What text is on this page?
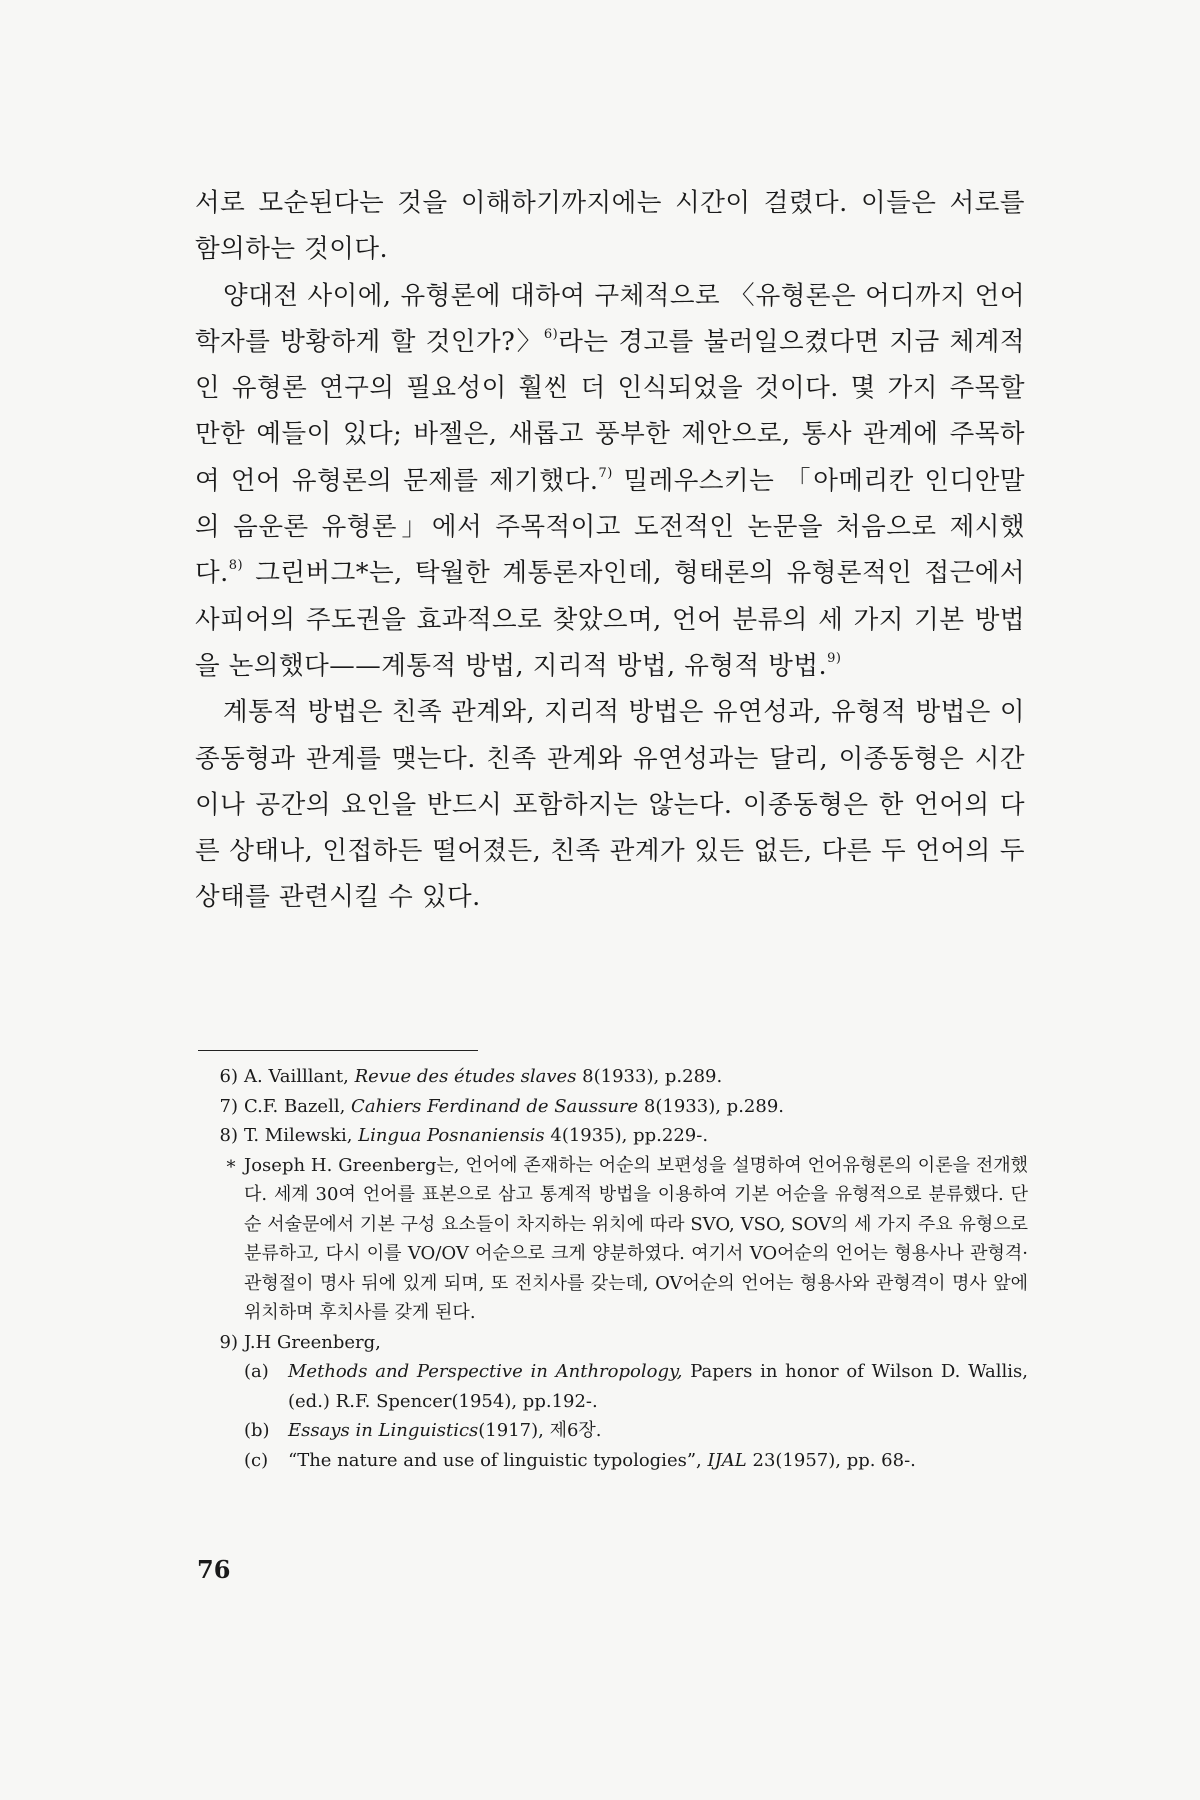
서로 모순된다는 것을 이해하기까지에는 시간이 걸렸다. 이들은 서로를 함의하는 것이다.

양대전 사이에, 유형론에 대하여 구체적으로 〈유형론은 어디까지 언어학자를 방황하게 할 것인가?〉$^{6)}$라는 경고를 불러일으켰다면 지금 체계적인 유형론 연구의 필요성이 훨씬 더 인식되었을 것이다. 몇 가지 주목할 만한 예들이 있다; 바젤은, 새롭고 풍부한 제안으로, 통사 관계에 주목하여 언어 유형론의 문제를 제기했다.$^{7)}$ 밀레우스키는 「아메리칸 인디안말의 음운론 유형론」에서 주목적이고 도전적인 논문을 처음으로 제시했다.$^{8)}$ 그린버그*는, 탁월한 계통론자인데, 형태론의 유형론적인 접근에서 사피어의 주도권을 효과적으로 찾았으며, 언어 분류의 세 가지 기본 방법을 논의했다——계통적 방법, 지리적 방법, 유형적 방법.$^{9)}$

계통적 방법은 친족 관계와, 지리적 방법은 유연성과, 유형적 방법은 이종동형과 관계를 맺는다. 친족 관계와 유연성과는 달리, 이종동형은 시간이나 공간의 요인을 반드시 포함하지는 않는다. 이종동형은 한 언어의 다른 상태나, 인접하든 떨어졌든, 친족 관계가 있든 없든, 다른 두 언어의 두 상태를 관련시킬 수 있다.

6) A. Vailllant, Revue des études slaves 8(1933), p.289.
7) C.F. Bazell, Cahiers Ferdinand de Saussure 8(1933), p.289.
8) T. Milewski, Lingua Posnaniensis 4(1935), pp.229-.
* Joseph H. Greenberg는, 언어에 존재하는 어순의 보편성을 설명하여 언어유형론의 이론을 전개했다. 세계 30여 언어를 표본으로 삼고 통계적 방법을 이용하여 기본 어순을 유형적으로 분류했다. 단순 서술문에서 기본 구성 요소들이 차지하는 위치에 따라 SVO, VSO, SOV의 세 가지 주요 유형으로 분류하고, 다시 이를 VO/OV 어순으로 크게 양분하였다. 여기서 VO어순의 언어는 형용사나 관형격·관형절이 명사 뒤에 있게 되며, 또 전치사를 갖는데, OV어순의 언어는 형용사와 관형격이 명사 앞에 위치하며 후치사를 갖게 된다.
9) J.H Greenberg,
(a) Methods and Perspective in Anthropology, Papers in honor of Wilson D. Wallis, (ed.) R.F. Spencer(1954), pp.192-.
(b) Essays in Linguistics(1917), 제6장.
(c) “The nature and use of linguistic typologies”, IJAL 23(1957), pp. 68-.
76
